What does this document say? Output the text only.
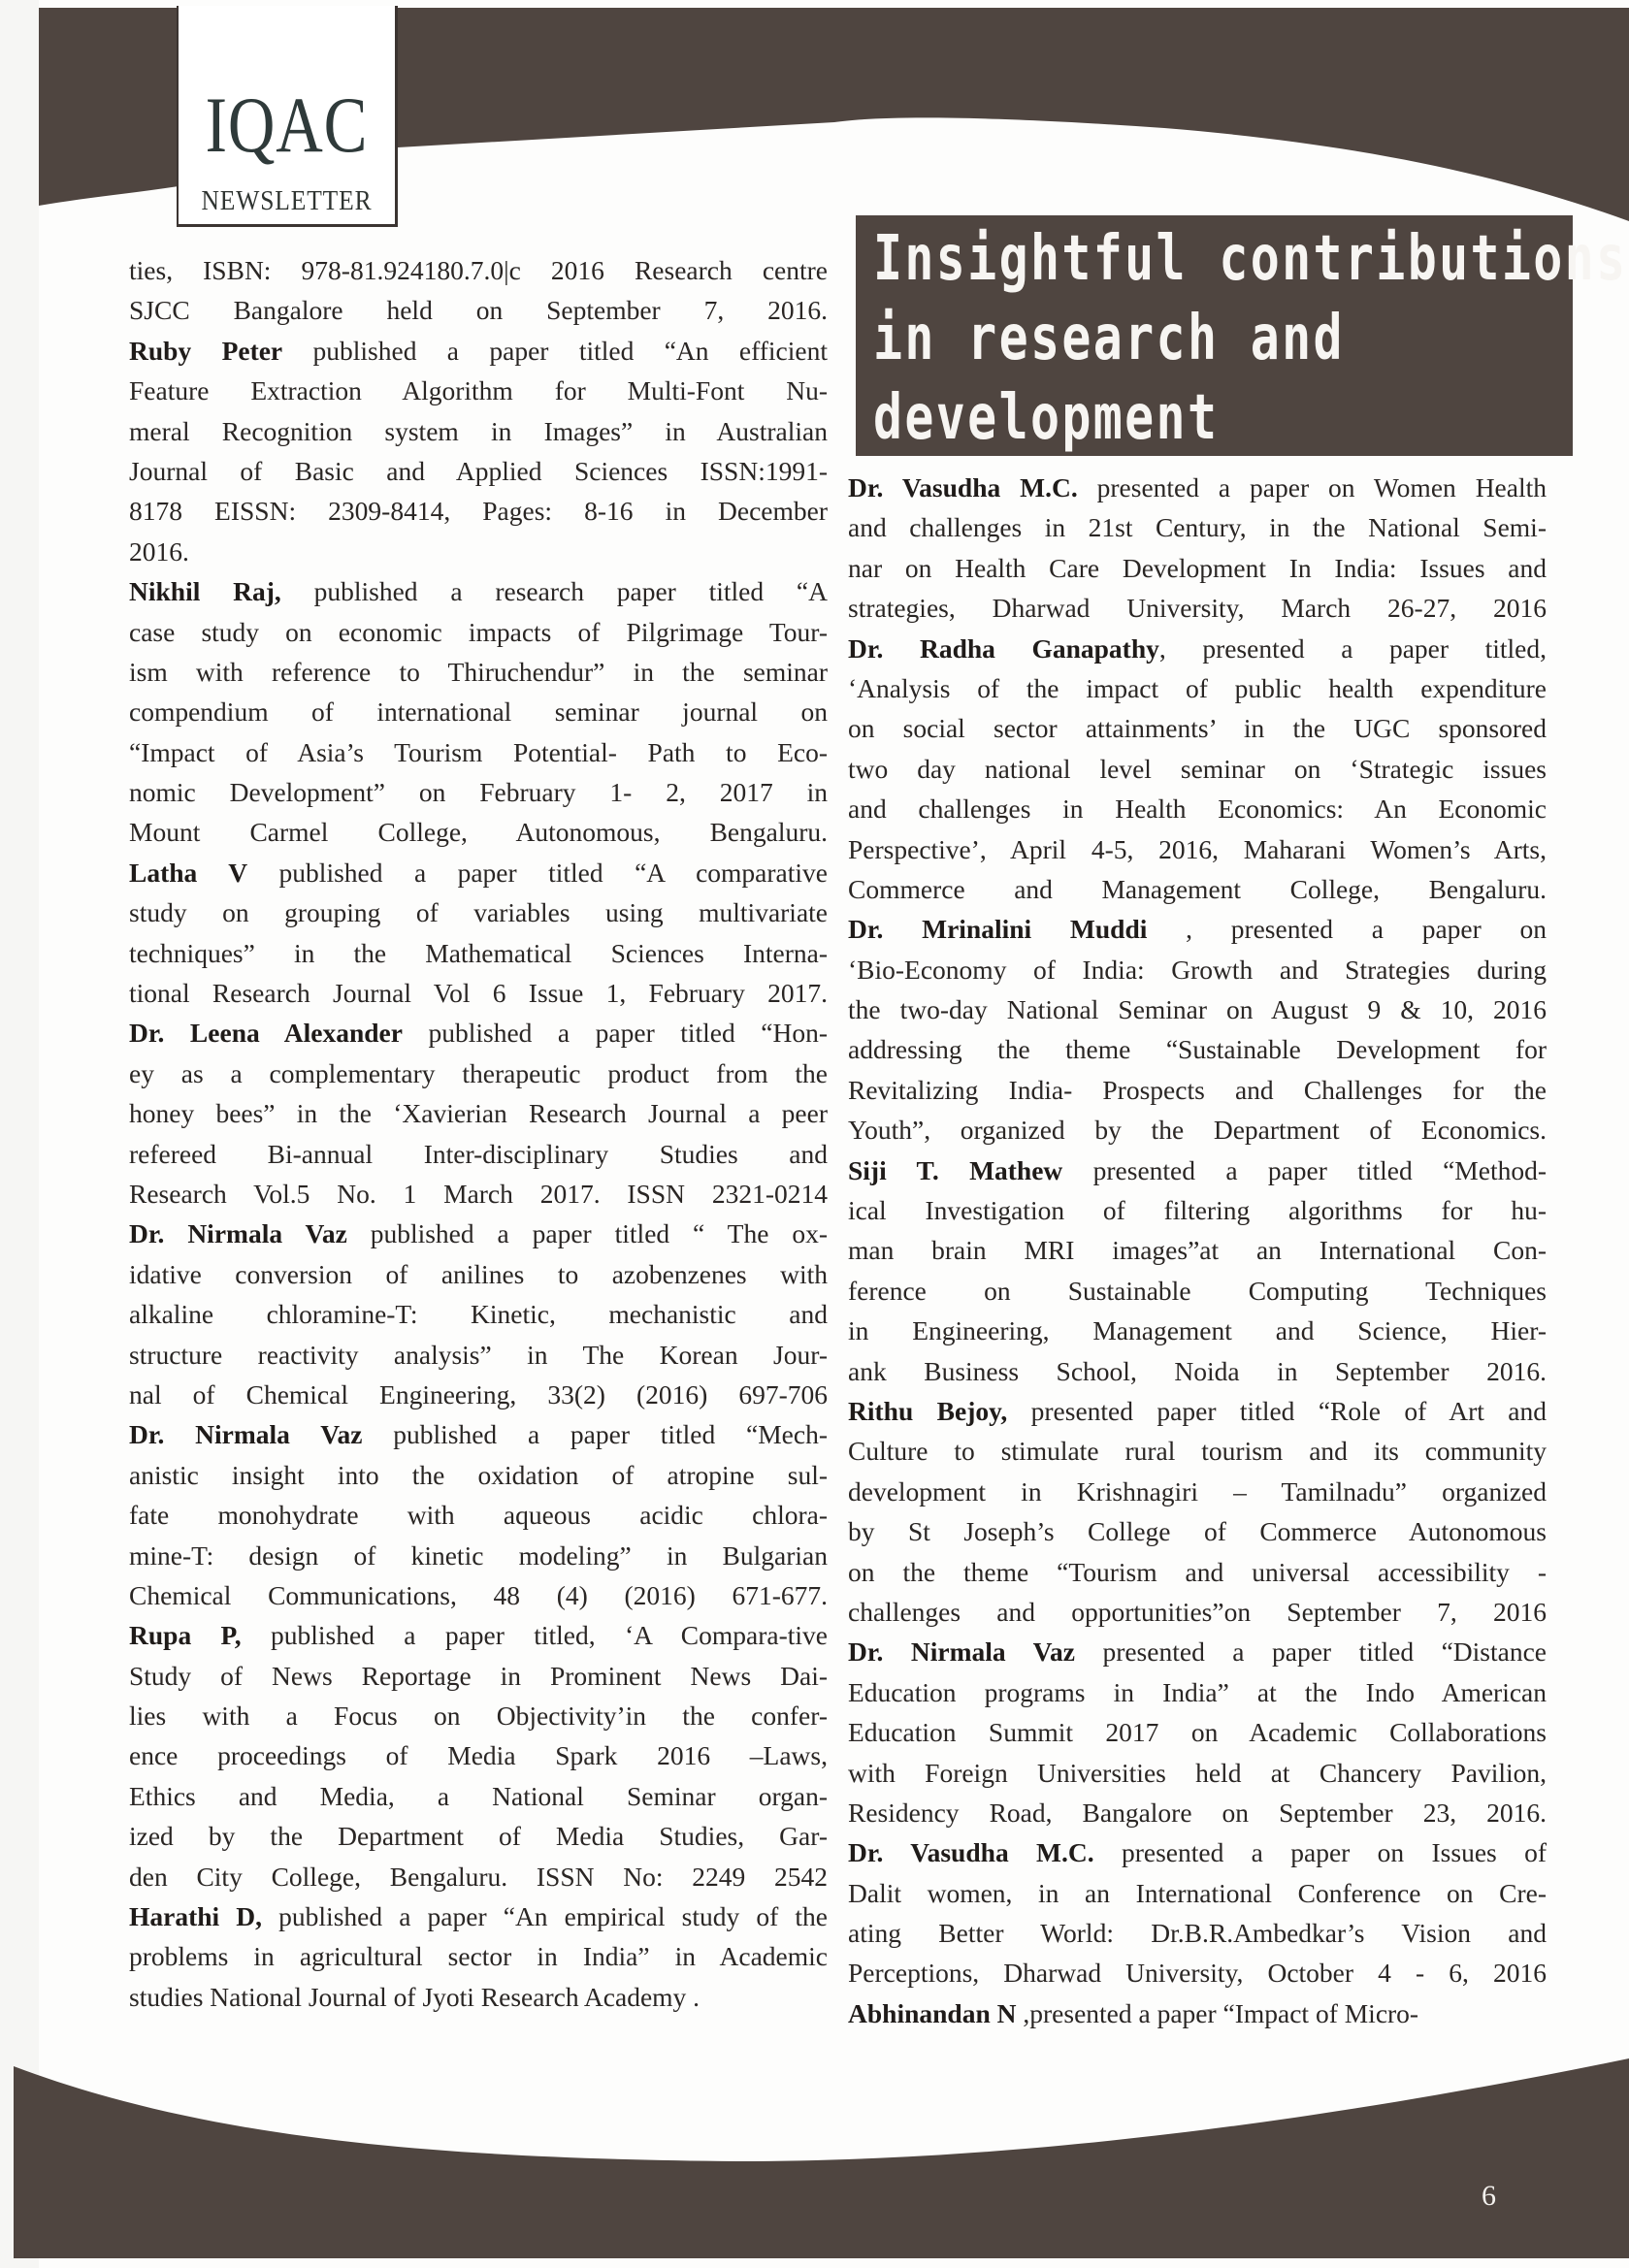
IQAC
NEWSLETTER
Insightful contributions
in research and
development

ties, ISBN: 978-81.924180.7.0|c 2016 Research centre
SJCC Bangalore held on September 7, 2016.

Ruby Peter published a paper titled “An efficient
Feature Extraction Algorithm for Multi-Font Nu-
meral Recognition system in Images” in Australian
Journal of Basic and Applied Sciences ISSN:1991-
8178 EISSN: 2309-8414, Pages: 8-16 in December
2016.

Nikhil Raj, published a research paper titled “A
case study on economic impacts of Pilgrimage Tour-
ism with reference to Thiruchendur” in the seminar
compendium of international seminar journal on
“Impact of Asia’s Tourism Potential- Path to Eco-
nomic Development” on February 1- 2, 2017 in
Mount Carmel College, Autonomous, Bengaluru.

Latha V published a paper titled “A comparative
study on grouping of variables using multivariate
techniques” in the Mathematical Sciences Interna-
tional Research Journal Vol 6 Issue 1, February 2017.

Dr. Leena Alexander published a paper titled “Hon-
ey as a complementary therapeutic product from the
honey bees” in the ‘Xavierian Research Journal a peer
refereed Bi-annual Inter-disciplinary Studies and
Research Vol.5 No. 1 March 2017. ISSN 2321-0214

Dr. Nirmala Vaz published a paper titled “ The ox-
idative conversion of anilines to azobenzenes with
alkaline chloramine-T: Kinetic, mechanistic and
structure reactivity analysis” in The Korean Jour-
nal of Chemical Engineering, 33(2) (2016) 697-706

Dr. Nirmala Vaz published a paper titled “Mech-
anistic insight into the oxidation of atropine sul-
fate monohydrate with aqueous acidic chlora-
mine-T: design of kinetic modeling” in Bulgarian
Chemical Communications, 48 (4) (2016) 671-677.

Rupa P, published a paper titled, ‘A Compara-tive
Study of News Reportage in Prominent News Dai-
lies with a Focus on Objectivity’in the confer-
ence proceedings of Media Spark 2016 –Laws,
Ethics and Media, a National Seminar organ-
ized by the Department of Media Studies, Gar-
den City College, Bengaluru. ISSN No: 2249 2542

Harathi D, published a paper “An empirical study of the
problems in agricultural sector in India” in Academic
studies National Journal of Jyoti Research Academy .

Dr. Vasudha M.C. presented a paper on Women Health
and challenges in 21st Century, in the National Semi-
nar on Health Care Development In India: Issues and
strategies, Dharwad University, March 26-27, 2016

Dr. Radha Ganapathy, presented a paper titled,
‘Analysis of the impact of public health expenditure
on social sector attainments’ in the UGC sponsored
two day national level seminar on ‘Strategic issues
and challenges in Health Economics: An Economic
Perspective’, April 4-5, 2016, Maharani Women’s Arts,
Commerce and Management College, Bengaluru.

Dr. Mrinalini Muddi , presented a paper on
‘Bio-Economy of India: Growth and Strategies during
the two-day National Seminar on August 9 & 10, 2016
addressing the theme “Sustainable Development for
Revitalizing India- Prospects and Challenges for the
Youth”, organized by the Department of Economics.

Siji T. Mathew presented a paper titled “Method-
ical Investigation of filtering algorithms for hu-
man brain MRI images”at an International Con-
ference on Sustainable Computing Techniques
in Engineering, Management and Science, Hier-
ank Business School, Noida in September 2016.

Rithu Bejoy, presented paper titled “Role of Art and
Culture to stimulate rural tourism and its community
development in Krishnagiri – Tamilnadu” organized
by St Joseph’s College of Commerce Autonomous
on the theme “Tourism and universal accessibility -
challenges and opportunities”on September 7, 2016

Dr. Nirmala Vaz presented a paper titled “Distance
Education programs in India” at the Indo American
Education Summit 2017 on Academic Collaborations
with Foreign Universities held at Chancery Pavilion,
Residency Road, Bangalore on September 23, 2016.

Dr. Vasudha M.C. presented a paper on Issues of
Dalit women, in an International Conference on Cre-
ating Better World: Dr.B.R.Ambedkar’s Vision and
Perceptions, Dharwad University, October 4 - 6, 2016

Abhinandan N ,presented a paper “Impact of Micro-

6
